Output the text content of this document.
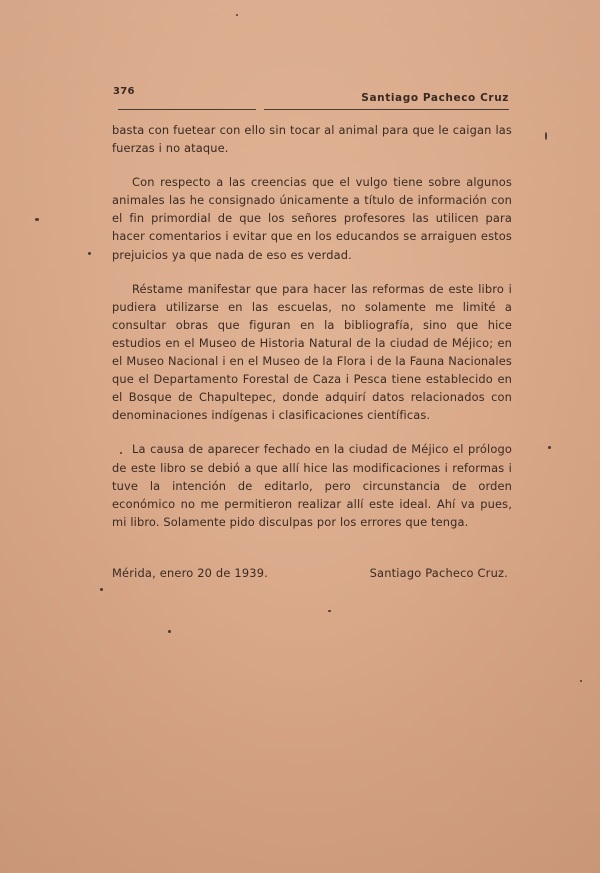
376
Santiago Pacheco Cruz

basta con fuetear con ello sin tocar al animal para que le caigan las fuerzas i no ataque.

Con respecto a las creencias que el vulgo tiene sobre algunos animales las he consignado únicamente a título de información con el fin primordial de que los señores profesores las utilicen para hacer comentarios i evitar que en los educandos se arraiguen estos prejuicios ya que nada de eso es verdad.

Réstame manifestar que para hacer las reformas de este libro i pudiera utilizarse en las escuelas, no solamente me limité a consultar obras que figuran en la bibliografía, sino que hice estudios en el Museo de Historia Natural de la ciudad de Méjico; en el Museo Nacional i en el Museo de la Flora i de la Fauna Nacionales que el Departamento Forestal de Caza i Pesca tiene establecido en el Bosque de Chapultepec, donde adquirí datos relacionados con denominaciones indígenas i clasificaciones científicas.

La causa de aparecer fechado en la ciudad de Méjico el prólogo de este libro se debió a que allí hice las modificaciones i reformas i tuve la intención de editarlo, pero circunstancia de orden económico no me permitieron realizar allí este ideal. Ahí va pues, mi libro. Solamente pido disculpas por los errores que tenga.

Mérida, enero 20 de 1939.	Santiago Pacheco Cruz.
